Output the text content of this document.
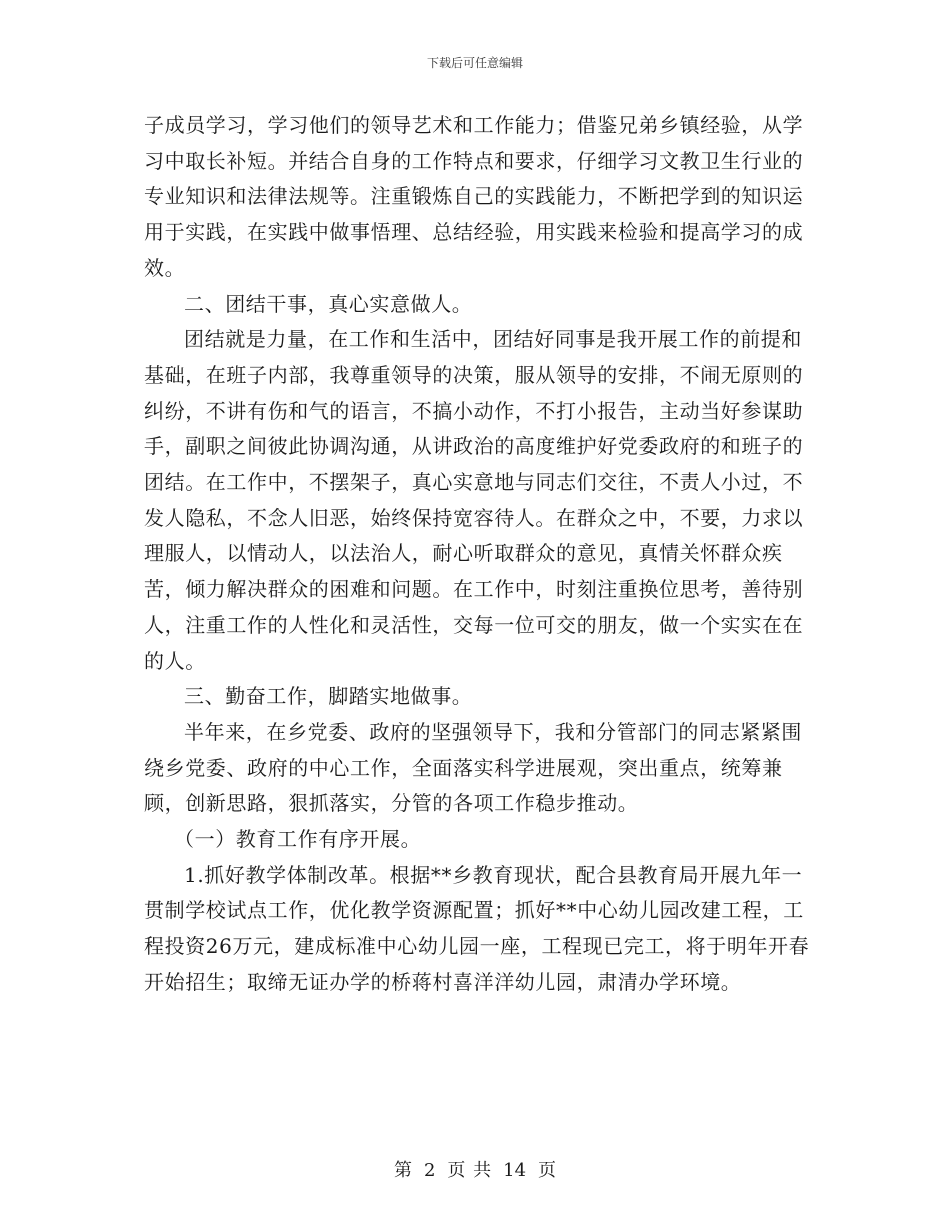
下载后可任意编辑

子成员学习，学习他们的领导艺术和工作能力；借鉴兄弟乡镇经验，从学习中取长补短。并结合自身的工作特点和要求，仔细学习文教卫生行业的专业知识和法律法规等。注重锻炼自己的实践能力，不断把学到的知识运用于实践，在实践中做事悟理、总结经验，用实践来检验和提高学习的成效。

二、团结干事，真心实意做人。

团结就是力量，在工作和生活中，团结好同事是我开展工作的前提和基础，在班子内部，我尊重领导的决策，服从领导的安排，不闹无原则的纠纷，不讲有伤和气的语言，不搞小动作，不打小报告，主动当好参谋助手，副职之间彼此协调沟通，从讲政治的高度维护好党委政府的和班子的团结。在工作中，不摆架子，真心实意地与同志们交往，不责人小过，不发人隐私，不念人旧恶，始终保持宽容待人。在群众之中，不要，力求以理服人，以情动人，以法治人，耐心听取群众的意见，真情关怀群众疾苦，倾力解决群众的困难和问题。在工作中，时刻注重换位思考，善待别人，注重工作的人性化和灵活性，交每一位可交的朋友，做一个实实在在的人。

三、勤奋工作，脚踏实地做事。

半年来，在乡党委、政府的坚强领导下，我和分管部门的同志紧紧围绕乡党委、政府的中心工作，全面落实科学进展观，突出重点，统筹兼顾，创新思路，狠抓落实，分管的各项工作稳步推动。

（一）教育工作有序开展。

1.抓好教学体制改革。根据**乡教育现状，配合县教育局开展九年一贯制学校试点工作，优化教学资源配置；抓好**中心幼儿园改建工程，工程投资26万元，建成标准中心幼儿园一座，工程现已完工，将于明年开春开始招生；取缔无证办学的桥蒋村喜洋洋幼儿园，肃清办学环境。

第 2 页 共 14 页
